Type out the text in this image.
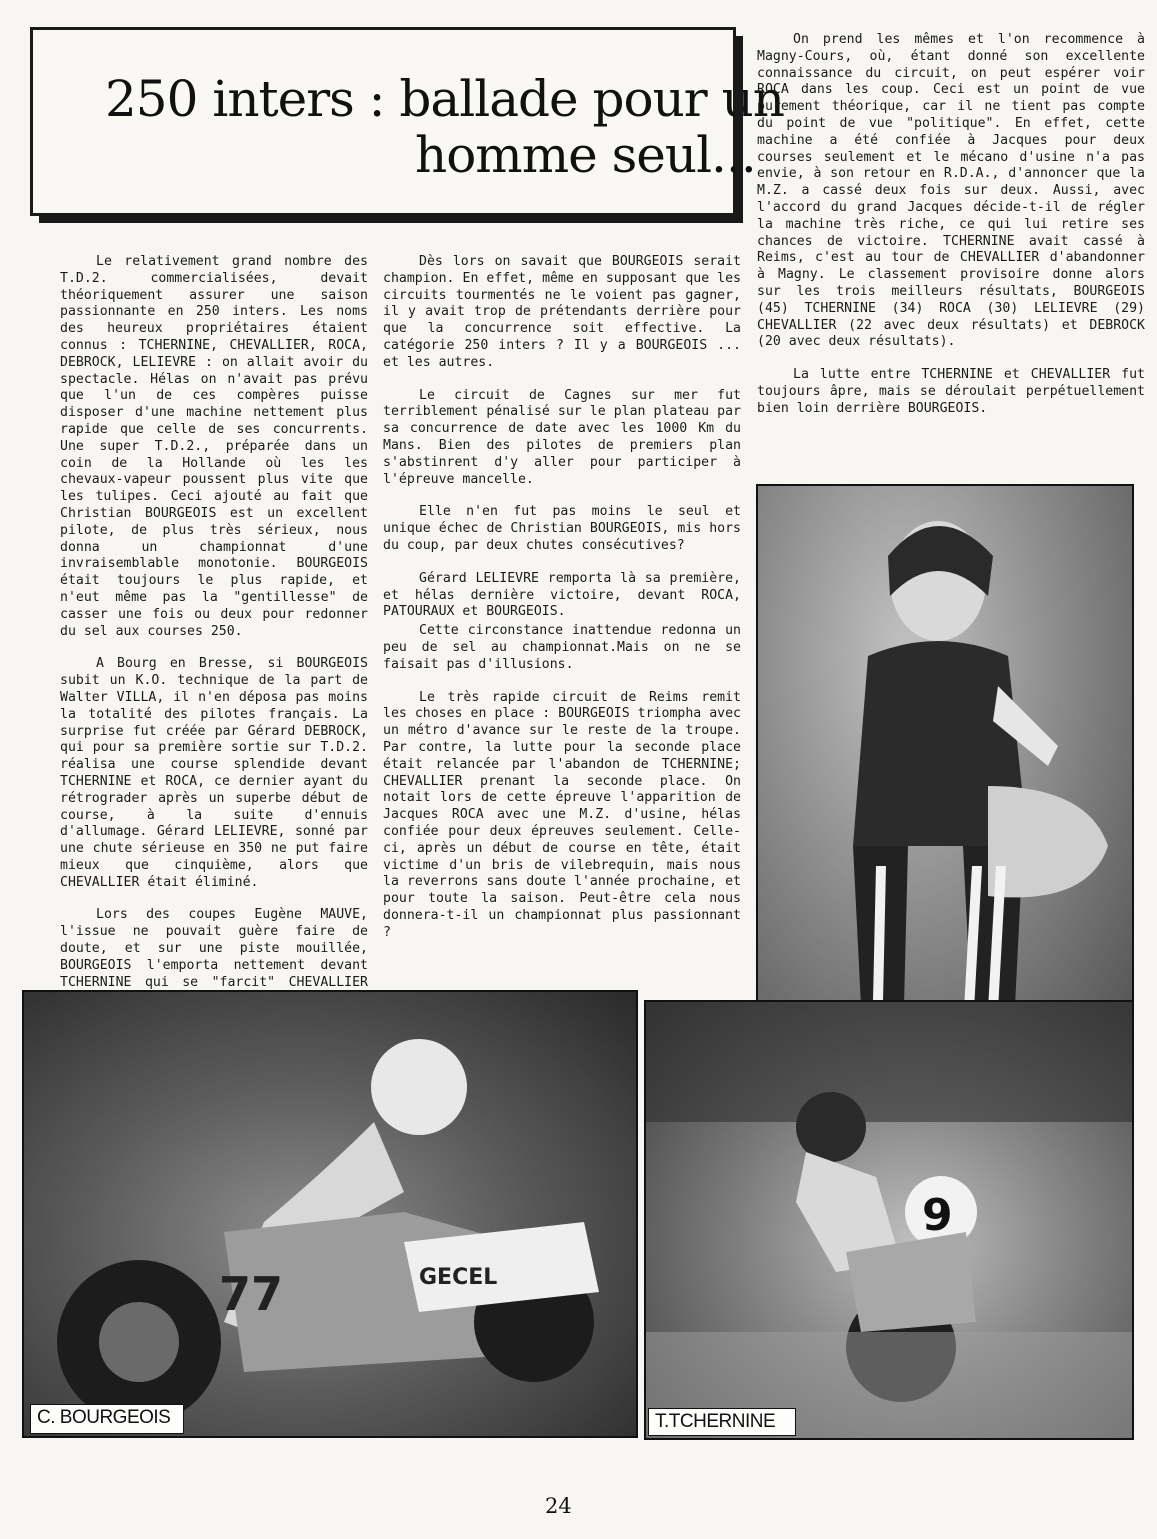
250 inters : ballade pour un
homme seul...

Le relativement grand nombre des T.D.2. commercialisées, devait théoriquement assurer une saison passionnante en 250 inters. Les noms des heureux propriétaires étaient connus : TCHERNINE, CHEVALLIER, ROCA, DEBROCK, LELIEVRE : on allait avoir du spectacle. Hélas on n'avait pas prévu que l'un de ces compères puisse disposer d'une machine nettement plus rapide que celle de ses concurrents. Une super T.D.2., préparée dans un coin de la Hollande où les les chevaux-vapeur poussent plus vite que les tulipes. Ceci ajouté au fait que Christian BOURGEOIS est un excellent pilote, de plus très sérieux, nous donna un championnat d'une invraisemblable monotonie. BOURGEOIS était toujours le plus rapide, et n'eut même pas la "gentillesse" de casser une fois ou deux pour redonner du sel aux courses 250.

A Bourg en Bresse, si BOURGEOIS subit un K.O. technique de la part de Walter VILLA, il n'en déposa pas moins la totalité des pilotes français. La surprise fut créée par Gérard DEBROCK, qui pour sa première sortie sur T.D.2. réalisa une course splendide devant TCHERNINE et ROCA, ce dernier ayant du rétrograder après un superbe début de course, à la suite d'ennuis d'allumage. Gérard LELIEVRE, sonné par une chute sérieuse en 350 ne put faire mieux que cinquième, alors que CHEVALLIER était éliminé.

Lors des coupes Eugène MAUVE, l'issue ne pouvait guère faire de doute, et sur une piste mouillée, BOURGEOIS l'emporta nettement devant TCHERNINE qui se "farcit" CHEVALLIER

Dès lors on savait que BOURGEOIS serait champion. En effet, même en supposant que les circuits tourmentés ne le voient pas gagner, il y avait trop de prétendants derrière pour que la concurrence soit effective. La catégorie 250 inters ? Il y a BOURGEOIS ... et les autres.

Le circuit de Cagnes sur mer fut terriblement pénalisé sur le plan plateau par sa concurrence de date avec les 1000 Km du Mans. Bien des pilotes de premiers plan s'abstinrent d'y aller pour participer à l'épreuve mancelle.

Elle n'en fut pas moins le seul et unique échec de Christian BOURGEOIS, mis hors du coup, par deux chutes consécutives?

Gérard LELIEVRE remporta là sa première, et hélas dernière victoire, devant ROCA, PATOURAUX et BOURGEOIS.

Cette circonstance inattendue redonna un peu de sel au championnat.Mais on ne se faisait pas d'illusions.

Le très rapide circuit de Reims remit les choses en place : BOURGEOIS triompha avec un métro d'avance sur le reste de la troupe. Par contre, la lutte pour la seconde place était relancée par l'abandon de TCHERNINE; CHEVALLIER prenant la seconde place. On notait lors de cette épreuve l'apparition de Jacques ROCA avec une M.Z. d'usine, hélas confiée pour deux épreuves seulement. Celle-ci, après un début de course en tête, était victime d'un bris de vilebrequin, mais nous la reverrons sans doute l'année prochaine, et pour toute la saison. Peut-être cela nous donnera-t-il un championnat plus passionnant ?

On prend les mêmes et l'on recommence à Magny-Cours, où, étant donné son excellente connaissance du circuit, on peut espérer voir ROCA dans les coup. Ceci est un point de vue purement théorique, car il ne tient pas compte du point de vue "politique". En effet, cette machine a été confiée à Jacques pour deux courses seulement et le mécano d'usine n'a pas envie, à son retour en R.D.A., d'annoncer que la M.Z. a cassé deux fois sur deux. Aussi, avec l'accord du grand Jacques décide-t-il de régler la machine très riche, ce qui lui retire ses chances de victoire. TCHERNINE avait cassé à Reims, c'est au tour de CHEVALLIER d'abandonner à Magny. Le classement provisoire donne alors sur les trois meilleurs résultats, BOURGEOIS (45) TCHERNINE (34) ROCA (30) LELIEVRE (29) CHEVALLIER (22 avec deux résultats) et DEBROCK (20 avec deux résultats).

La lutte entre TCHERNINE et CHEVALLIER fut toujours âpre, mais se déroulait perpétuellement bien loin derrière BOURGEOIS.

GECEL
77
C. BOURGEOIS
9
T.TCHERNINE
24
